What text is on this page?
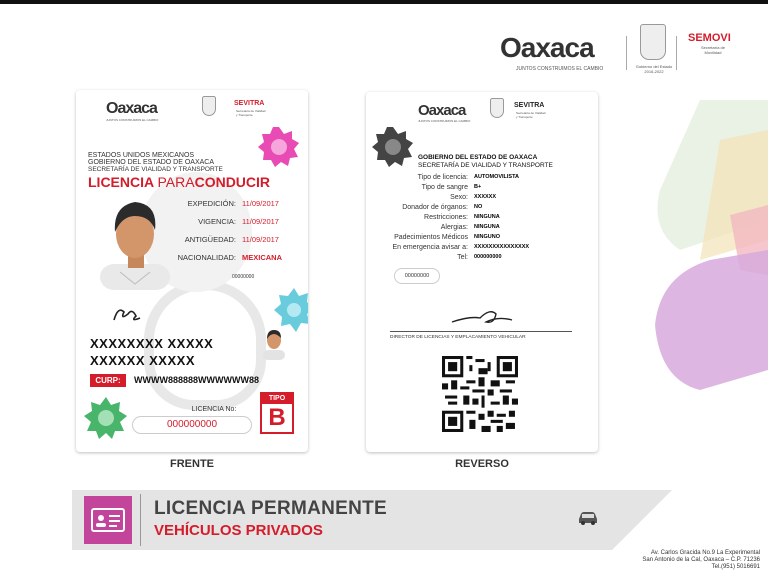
Oaxaca
JUNTOS CONSTRUIMOS EL CAMBIO	Gobierno del Estado 2016-2022
SEMOVI
Secretaría de Movilidad
Oaxaca
JUNTOS CONSTRUIMOS EL CAMBIO
SEVITRA
Secretaría de Vialidad y Transporte
ESTADOS UNIDOS MEXICANOS
GOBIERNO DEL ESTADO DE OAXACA
SECRETARÍA DE VIALIDAD Y TRANSPORTE
LICENCIA PARACONDUCIR
EXPEDICIÓN: 11/09/2017
VIGENCIA: 11/09/2017
ANTIGÜEDAD: 11/09/2017
NACIONALIDAD: MEXICANA
00000000
XXXXXXXX XXXXX
XXXXXX XXXXX
CURP:	WWWW888888WWWWWW88
LICENCIA No:
000000000
TIPO
B
FRENTE
Oaxaca
JUNTOS CONSTRUIMOS EL CAMBIO
SEVITRA
Secretaría de Vialidad y Transporte
GOBIERNO DEL ESTADO DE OAXACA
SECRETARÍA DE VIALIDAD Y TRANSPORTE
Tipo de licencia: AUTOMOVILISTA
Tipo de sangre B+
Sexo: XXXXXX
Donador de órganos: NO
Restricciones: NINGUNA
Alergias: NINGUNA
Padecimientos Médicos NINGUNO
En emergencia avisar a: XXXXXXXXXXXXXXX
Tel: 000000000
00000000
DIRECTOR DE LICENCIAS Y EMPLACAMIENTO VEHICULAR
REVERSO
LICENCIA PERMANENTE
VEHÍCULOS PRIVADOS
Av. Carlos Gracida No.9 La Experimental
San Antonio de la Cal, Oaxaca – C.P. 71236
Tel.(951) 5016691
